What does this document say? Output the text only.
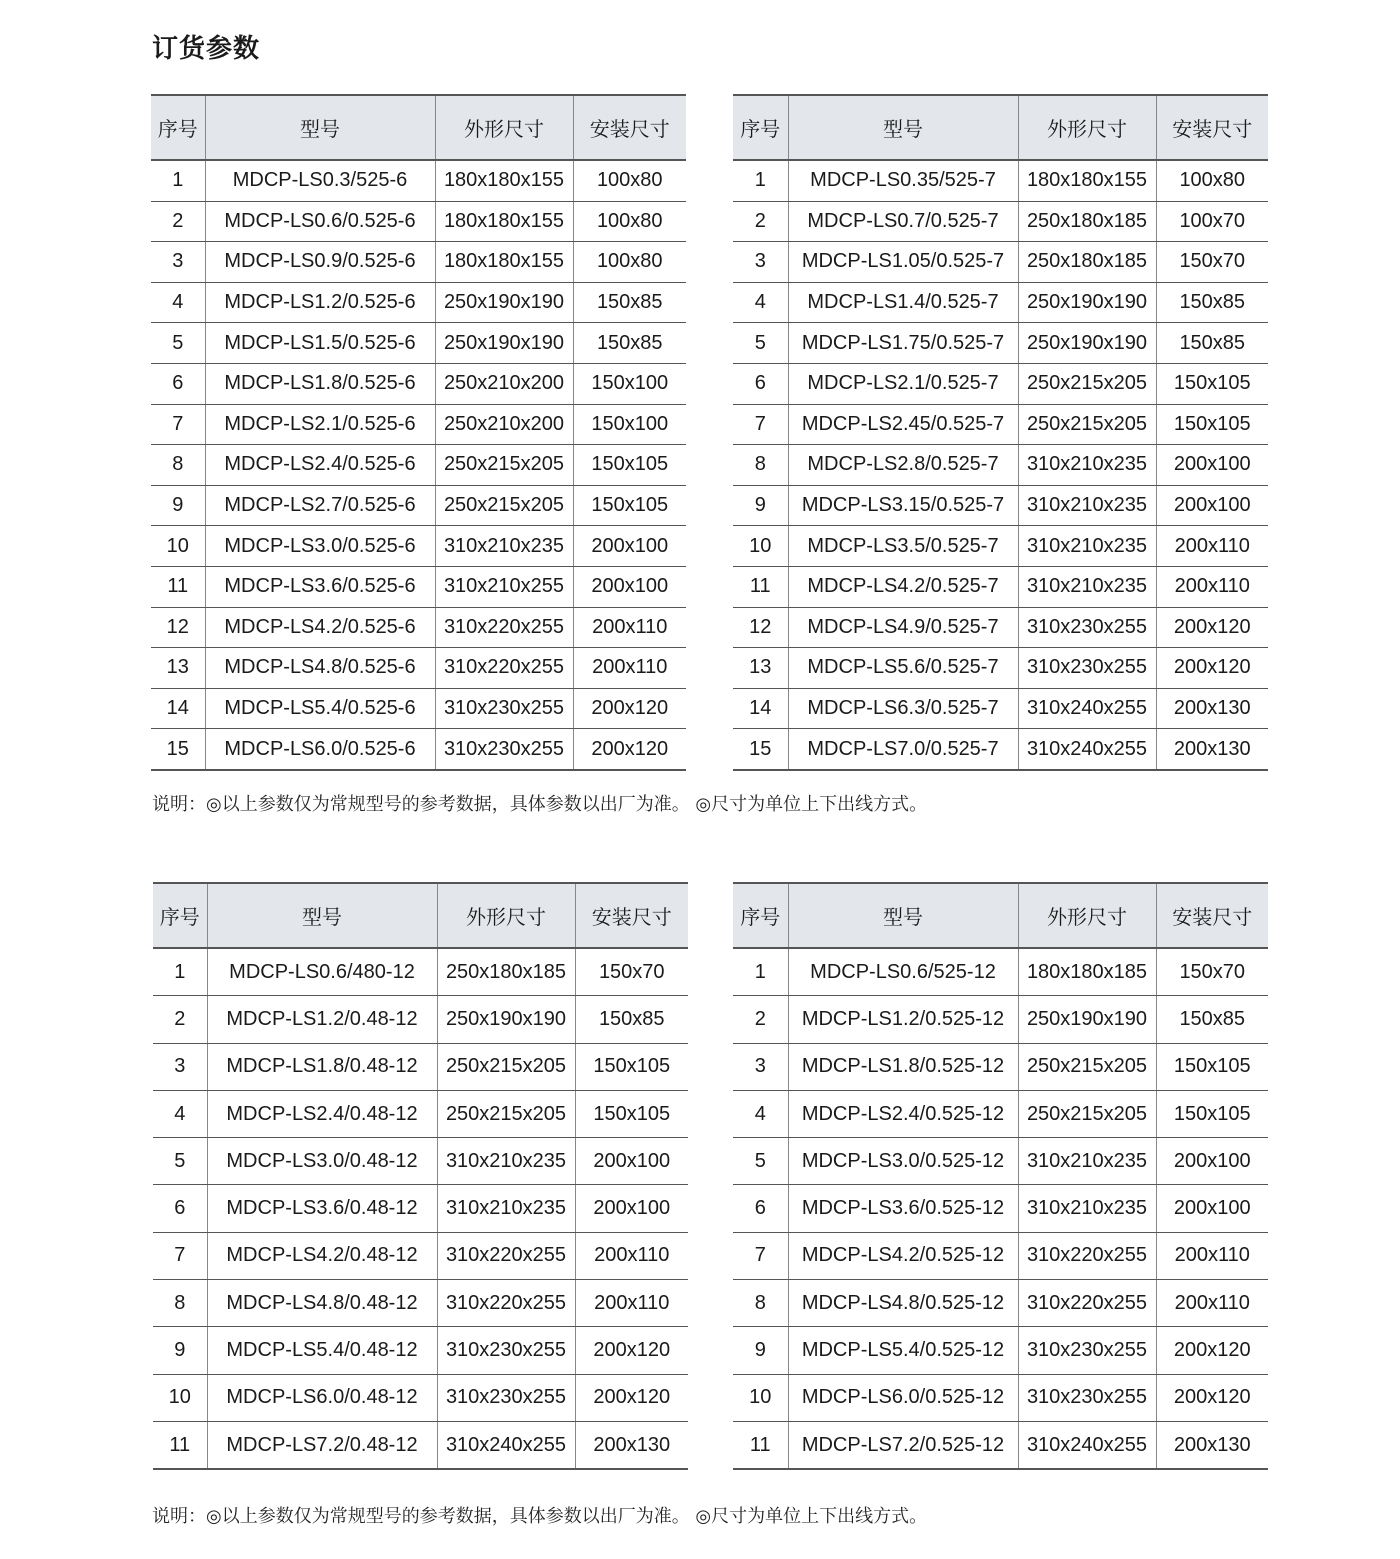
订货参数
序号	型号	外形尺寸	安装尺寸
1	MDCP-LS0.3/525-6	180x180x155	100x80
2	MDCP-LS0.6/0.525-6	180x180x155	100x80
3	MDCP-LS0.9/0.525-6	180x180x155	100x80
4	MDCP-LS1.2/0.525-6	250x190x190	150x85
5	MDCP-LS1.5/0.525-6	250x190x190	150x85
6	MDCP-LS1.8/0.525-6	250x210x200	150x100
7	MDCP-LS2.1/0.525-6	250x210x200	150x100
8	MDCP-LS2.4/0.525-6	250x215x205	150x105
9	MDCP-LS2.7/0.525-6	250x215x205	150x105
10	MDCP-LS3.0/0.525-6	310x210x235	200x100
11	MDCP-LS3.6/0.525-6	310x210x255	200x100
12	MDCP-LS4.2/0.525-6	310x220x255	200x110
13	MDCP-LS4.8/0.525-6	310x220x255	200x110
14	MDCP-LS5.4/0.525-6	310x230x255	200x120
15	MDCP-LS6.0/0.525-6	310x230x255	200x120
序号	型号	外形尺寸	安装尺寸
1	MDCP-LS0.35/525-7	180x180x155	100x80
2	MDCP-LS0.7/0.525-7	250x180x185	100x70
3	MDCP-LS1.05/0.525-7	250x180x185	150x70
4	MDCP-LS1.4/0.525-7	250x190x190	150x85
5	MDCP-LS1.75/0.525-7	250x190x190	150x85
6	MDCP-LS2.1/0.525-7	250x215x205	150x105
7	MDCP-LS2.45/0.525-7	250x215x205	150x105
8	MDCP-LS2.8/0.525-7	310x210x235	200x100
9	MDCP-LS3.15/0.525-7	310x210x235	200x100
10	MDCP-LS3.5/0.525-7	310x210x235	200x110
11	MDCP-LS4.2/0.525-7	310x210x235	200x110
12	MDCP-LS4.9/0.525-7	310x230x255	200x120
13	MDCP-LS5.6/0.525-7	310x230x255	200x120
14	MDCP-LS6.3/0.525-7	310x240x255	200x130
15	MDCP-LS7.0/0.525-7	310x240x255	200x130
说明：◎以上参数仅为常规型号的参考数据，具体参数以出厂为准。 ◎尺寸为单位上下出线方式。
序号	型号	外形尺寸	安装尺寸
1	MDCP-LS0.6/480-12	250x180x185	150x70
2	MDCP-LS1.2/0.48-12	250x190x190	150x85
3	MDCP-LS1.8/0.48-12	250x215x205	150x105
4	MDCP-LS2.4/0.48-12	250x215x205	150x105
5	MDCP-LS3.0/0.48-12	310x210x235	200x100
6	MDCP-LS3.6/0.48-12	310x210x235	200x100
7	MDCP-LS4.2/0.48-12	310x220x255	200x110
8	MDCP-LS4.8/0.48-12	310x220x255	200x110
9	MDCP-LS5.4/0.48-12	310x230x255	200x120
10	MDCP-LS6.0/0.48-12	310x230x255	200x120
11	MDCP-LS7.2/0.48-12	310x240x255	200x130
序号	型号	外形尺寸	安装尺寸
1	MDCP-LS0.6/525-12	180x180x185	150x70
2	MDCP-LS1.2/0.525-12	250x190x190	150x85
3	MDCP-LS1.8/0.525-12	250x215x205	150x105
4	MDCP-LS2.4/0.525-12	250x215x205	150x105
5	MDCP-LS3.0/0.525-12	310x210x235	200x100
6	MDCP-LS3.6/0.525-12	310x210x235	200x100
7	MDCP-LS4.2/0.525-12	310x220x255	200x110
8	MDCP-LS4.8/0.525-12	310x220x255	200x110
9	MDCP-LS5.4/0.525-12	310x230x255	200x120
10	MDCP-LS6.0/0.525-12	310x230x255	200x120
11	MDCP-LS7.2/0.525-12	310x240x255	200x130
说明：◎以上参数仅为常规型号的参考数据，具体参数以出厂为准。 ◎尺寸为单位上下出线方式。
